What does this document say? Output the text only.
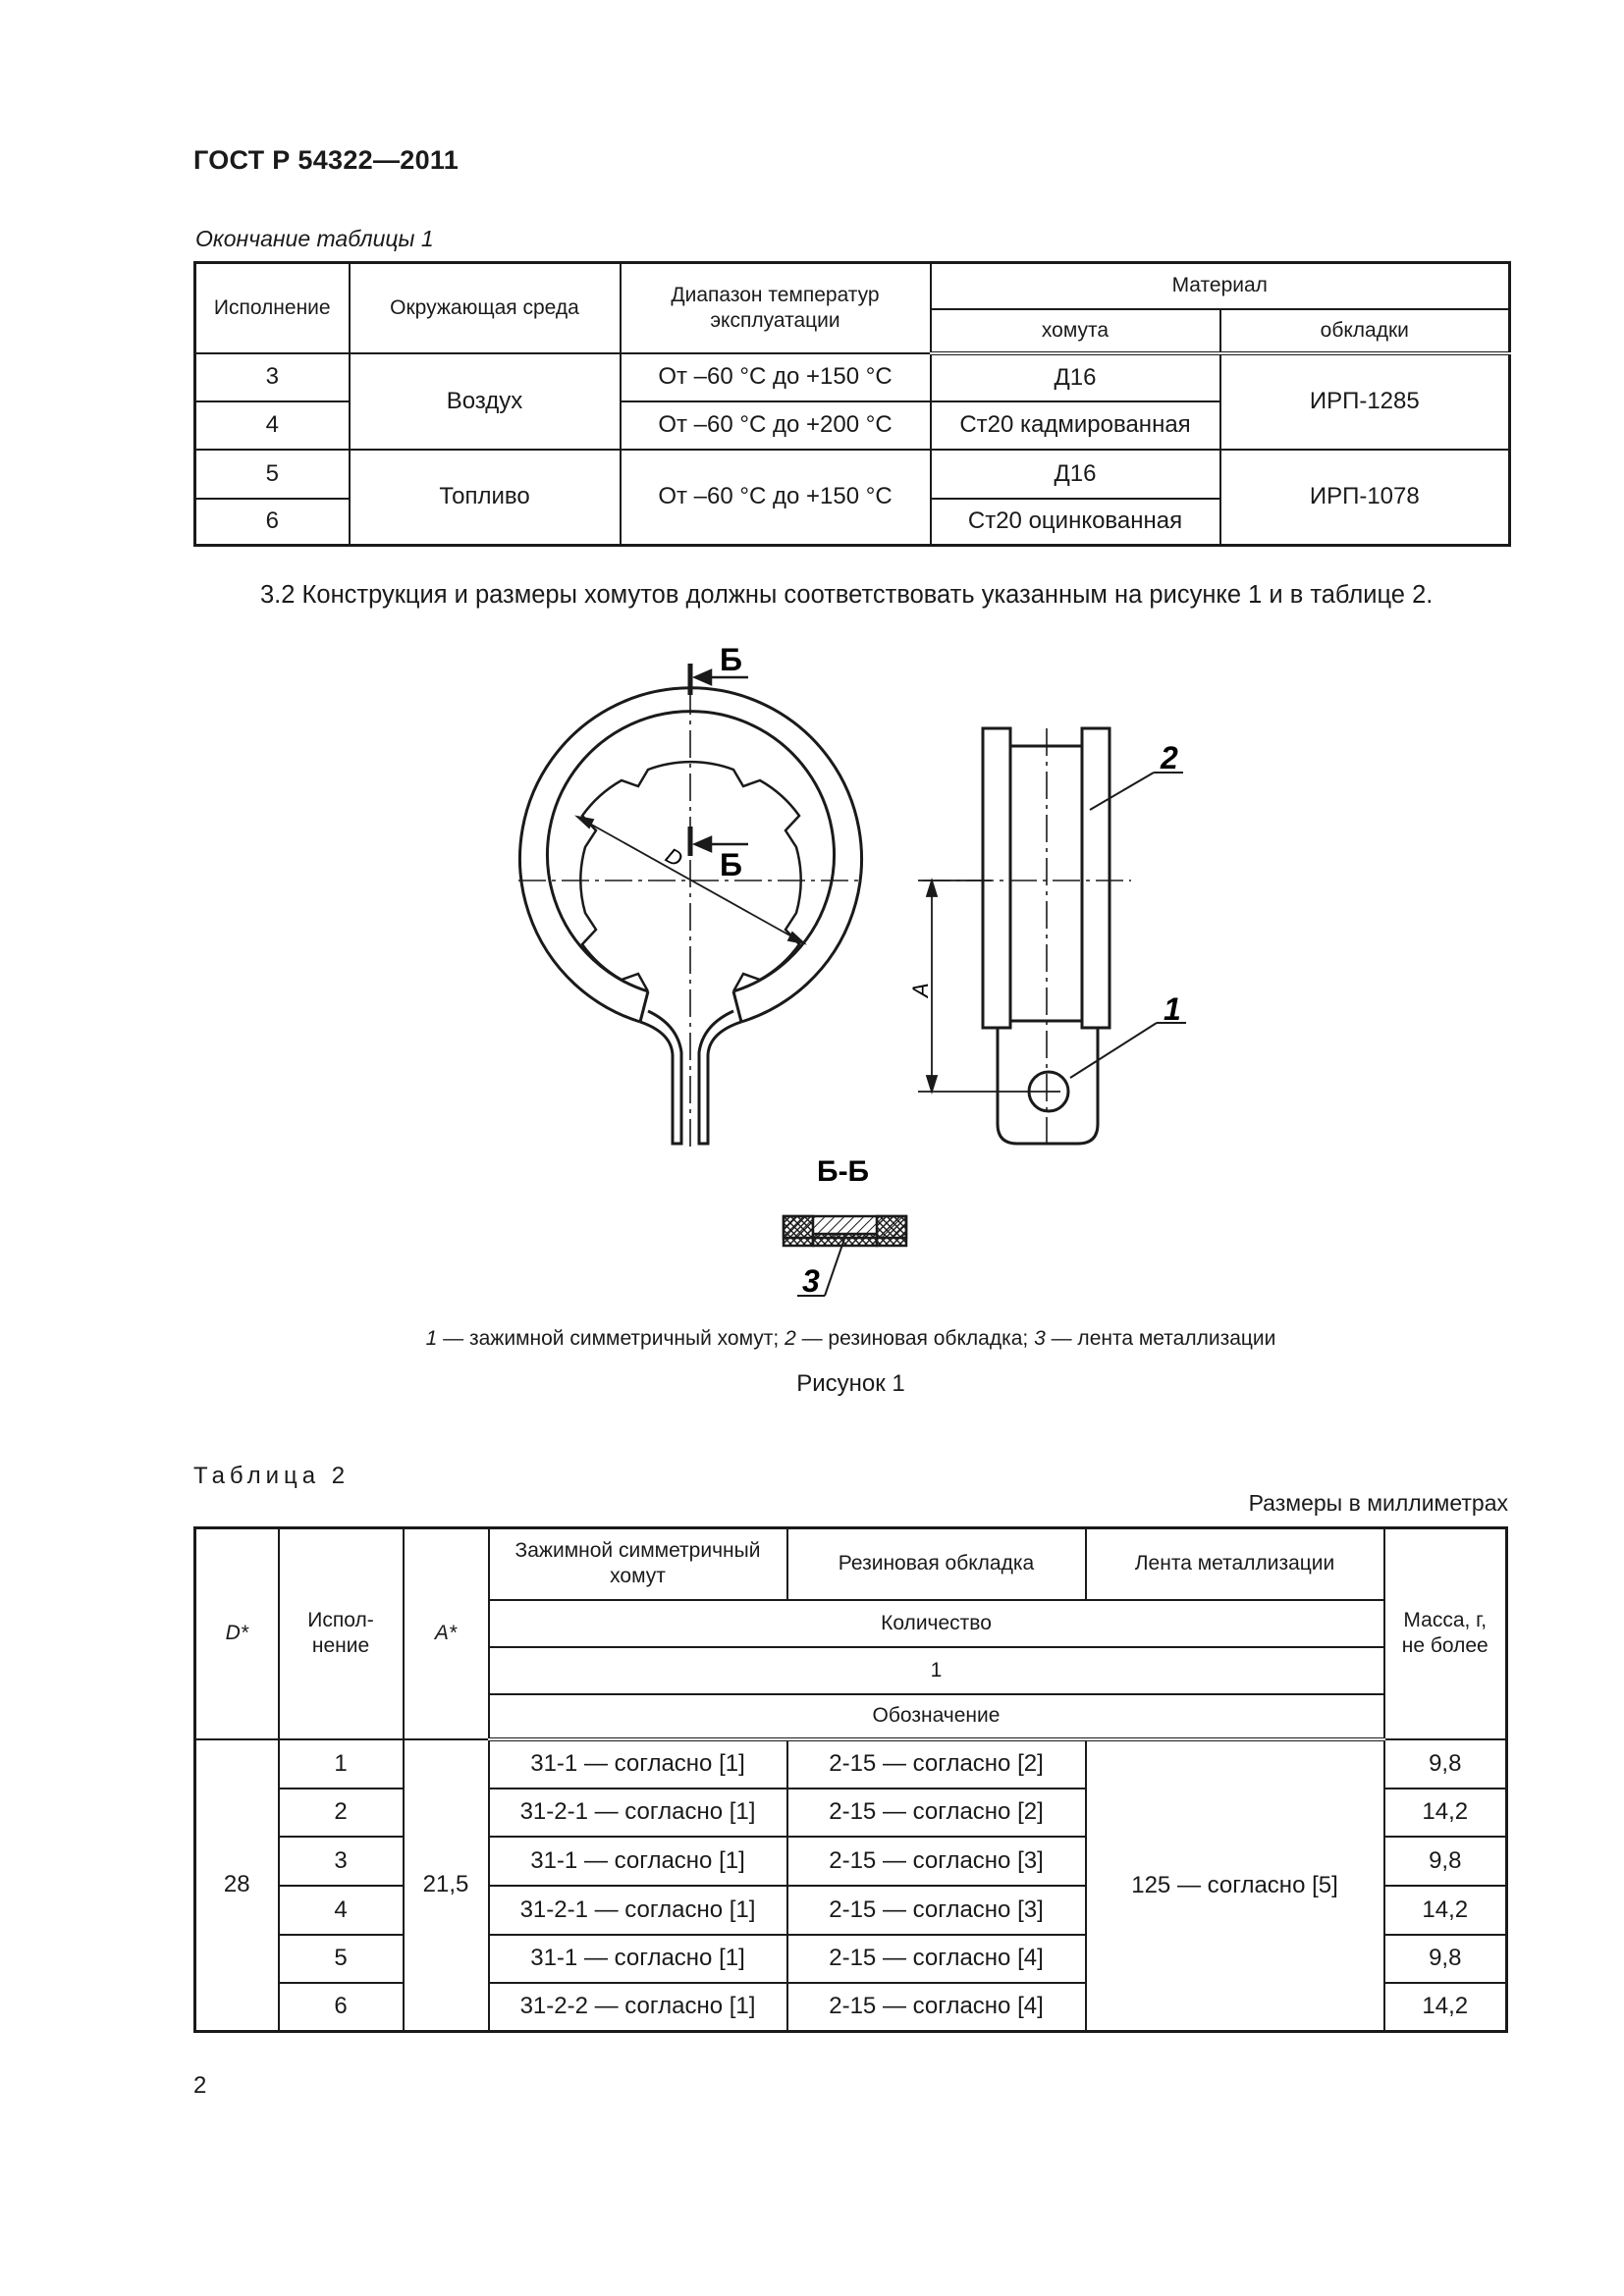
ГОСТ Р 54322—2011
Окончание таблицы 1
Исполнение	Окружающая среда	Диапазон температур эксплуатации	Материал	
			хомута	обкладки
3	Воздух	От –60 °С до +150 °С	Д16	ИРП-1285
4		От –60 °С до +200 °С	Ст20 кадмированная	
5	Топливо	От –60 °С до +150 °С	Д16	ИРП-1078
6			Ст20 оцинкованная	
3.2 Конструкция и размеры хомутов должны соответствовать указанным на рисунке 1 и в таблице 2.
Б
Б
D
А
2
1
Б-Б
3
1 — зажимной симметричный хомут; 2 — резиновая обкладка; 3 — лента металлизации
Рисунок 1
Таблица 2
Размеры в миллиметрах
D*	Испол-нение	А*	Зажимной симметричный хомут	Резиновая обкладка	Лента металлизации	Масса, г, не более
			Количество			
			1			
			Обозначение			
28	1	21,5	31-1 — согласно [1]	2-15 — согласно [2]	125 — согласно [5]	9,8
	2		31-2-1 — согласно [1]	2-15 — согласно [2]		14,2
	3		31-1 — согласно [1]	2-15 — согласно [3]		9,8
	4		31-2-1 — согласно [1]	2-15 — согласно [3]		14,2
	5		31-1 — согласно [1]	2-15 — согласно [4]		9,8
	6		31-2-2 — согласно [1]	2-15 — согласно [4]		14,2
2
